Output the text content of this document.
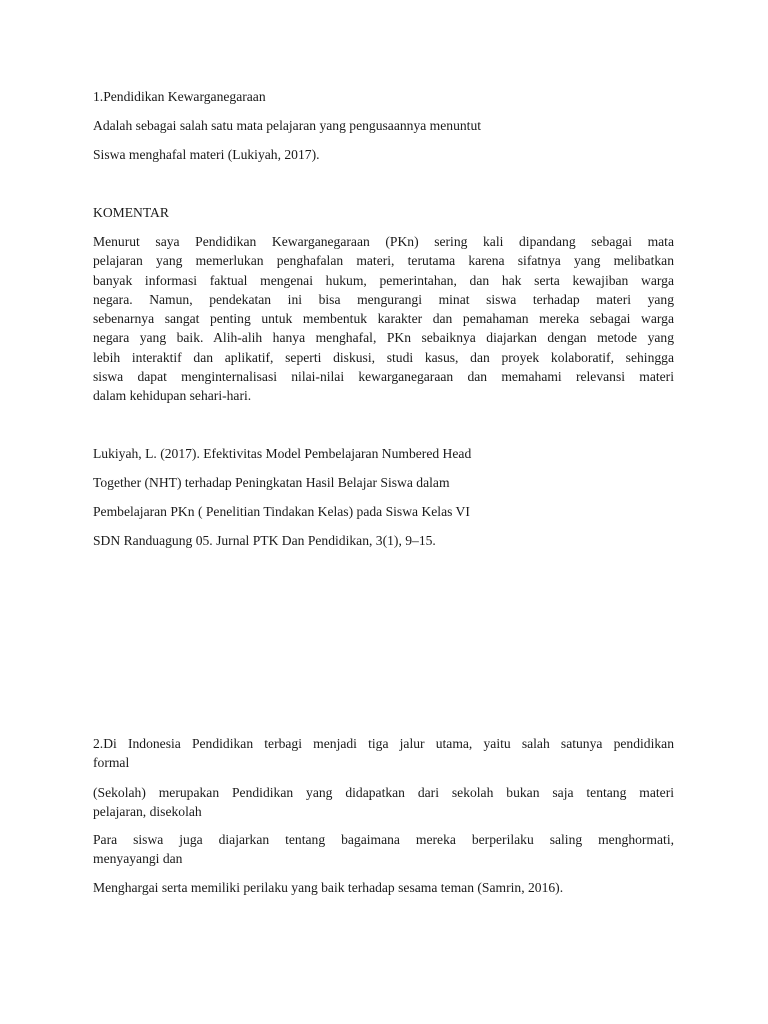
1.Pendidikan Kewarganegaraan
Adalah sebagai salah satu mata pelajaran yang pengusaannya menuntut
Siswa menghafal materi (Lukiyah, 2017).
KOMENTAR
Menurut saya Pendidikan Kewarganegaraan (PKn) sering kali dipandang sebagai mata
pelajaran yang memerlukan penghafalan materi, terutama karena sifatnya yang melibatkan
banyak informasi faktual mengenai hukum, pemerintahan, dan hak serta kewajiban warga
negara. Namun, pendekatan ini bisa mengurangi minat siswa terhadap materi yang
sebenarnya sangat penting untuk membentuk karakter dan pemahaman mereka sebagai warga
negara yang baik. Alih-alih hanya menghafal, PKn sebaiknya diajarkan dengan metode yang
lebih interaktif dan aplikatif, seperti diskusi, studi kasus, dan proyek kolaboratif, sehingga
siswa dapat menginternalisasi nilai-nilai kewarganegaraan dan memahami relevansi materi
dalam kehidupan sehari-hari.
Lukiyah, L. (2017). Efektivitas Model Pembelajaran Numbered Head
Together (NHT) terhadap Peningkatan Hasil Belajar Siswa dalam
Pembelajaran PKn ( Penelitian Tindakan Kelas) pada Siswa Kelas VI
SDN Randuagung 05. Jurnal PTK Dan Pendidikan, 3(1), 9–15.
2.Di Indonesia Pendidikan terbagi menjadi tiga jalur utama, yaitu salah satunya pendidikan
formal
(Sekolah) merupakan Pendidikan yang didapatkan dari sekolah bukan saja tentang materi
pelajaran, disekolah
Para siswa juga diajarkan tentang bagaimana mereka berperilaku saling menghormati,
menyayangi dan
Menghargai serta memiliki perilaku yang baik terhadap sesama teman (Samrin, 2016).
